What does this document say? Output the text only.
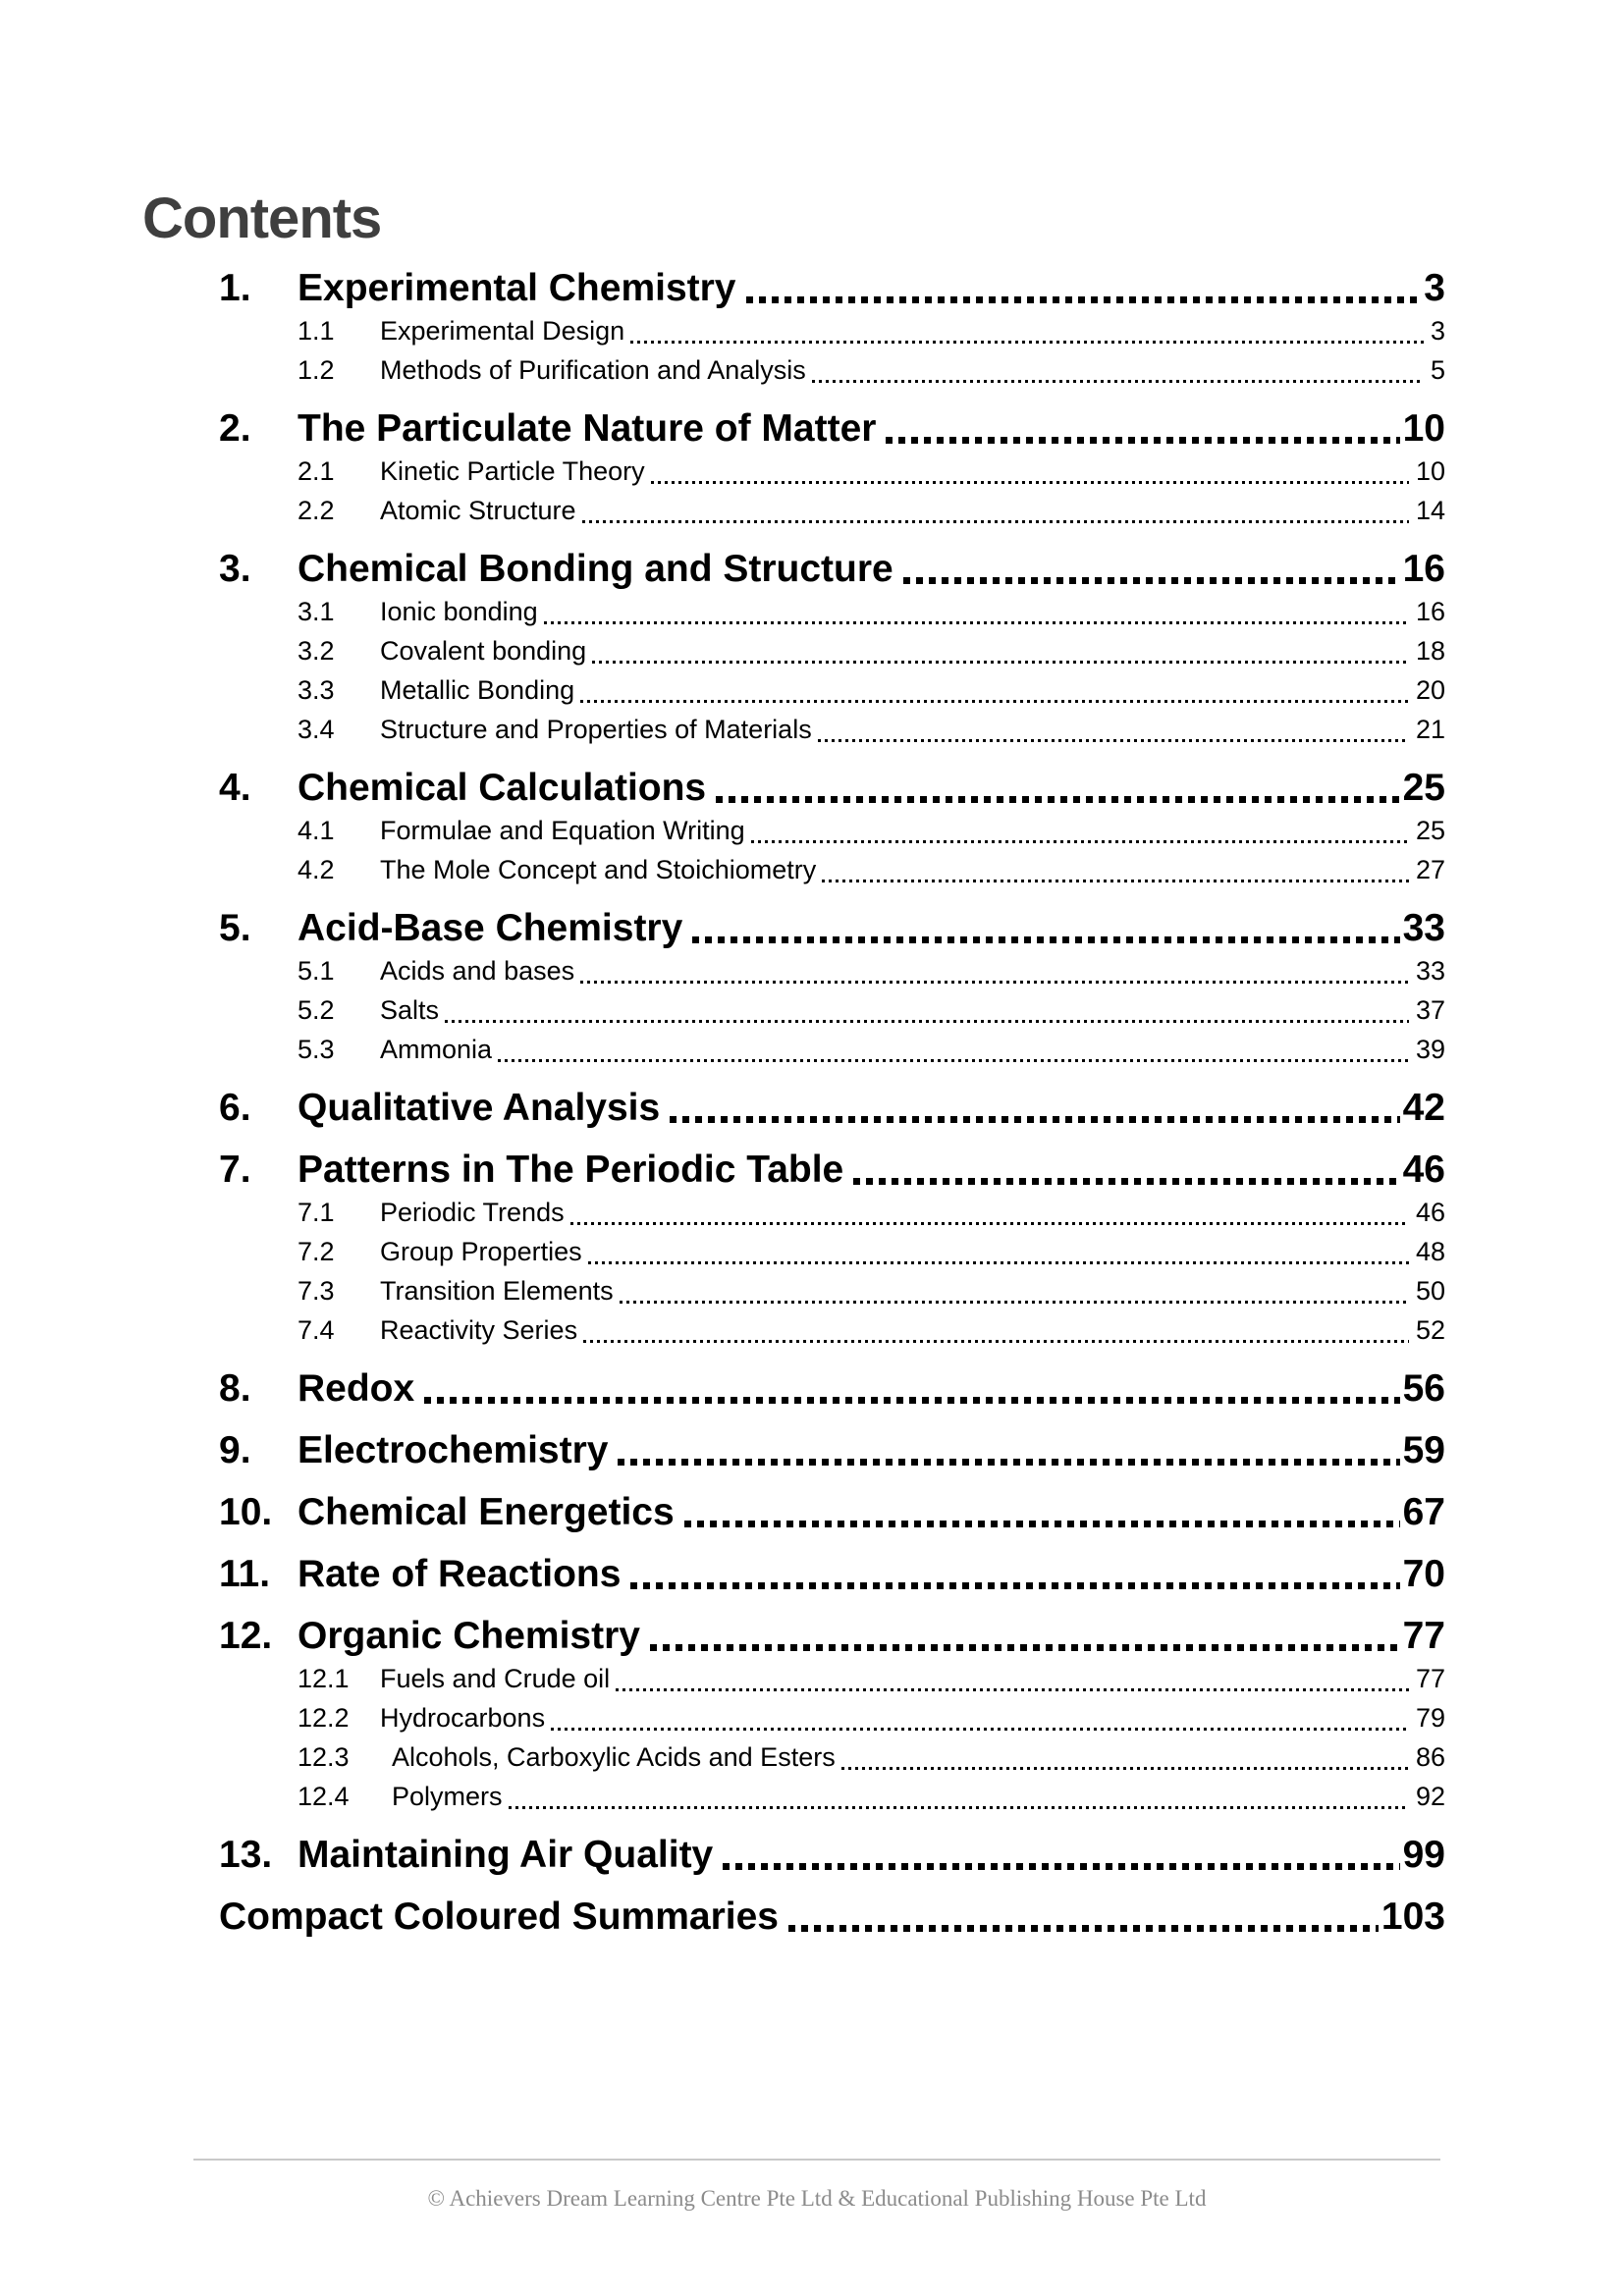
Contents
1.	Experimental Chemistry	3
1.1	Experimental Design	3
1.2	Methods of Purification and Analysis	5
2.	The Particulate Nature of Matter	10
2.1	Kinetic Particle Theory	10
2.2	Atomic Structure	14
3.	Chemical Bonding and Structure	16
3.1	Ionic bonding	16
3.2	Covalent bonding	18
3.3	Metallic Bonding	20
3.4	Structure and Properties of Materials	21
4.	Chemical Calculations	25
4.1	Formulae and Equation Writing	25
4.2	The Mole Concept and Stoichiometry	27
5.	Acid-Base Chemistry	33
5.1	Acids and bases	33
5.2	Salts	37
5.3	Ammonia	39
6.	Qualitative Analysis	42
7.	Patterns in The Periodic Table	46
7.1	Periodic Trends	46
7.2	Group Properties	48
7.3	Transition Elements	50
7.4	Reactivity Series	52
8.	Redox	56
9.	Electrochemistry	59
10. Chemical Energetics	67
11. Rate of Reactions	70
12. Organic Chemistry	77
12.1	Fuels and Crude oil	77
12.2	Hydrocarbons	79
12.3	Alcohols, Carboxylic Acids and Esters	86
12.4	Polymers	92
13. Maintaining Air Quality	99
Compact Coloured Summaries	103
© Achievers Dream Learning Centre Pte Ltd & Educational Publishing House Pte Ltd
